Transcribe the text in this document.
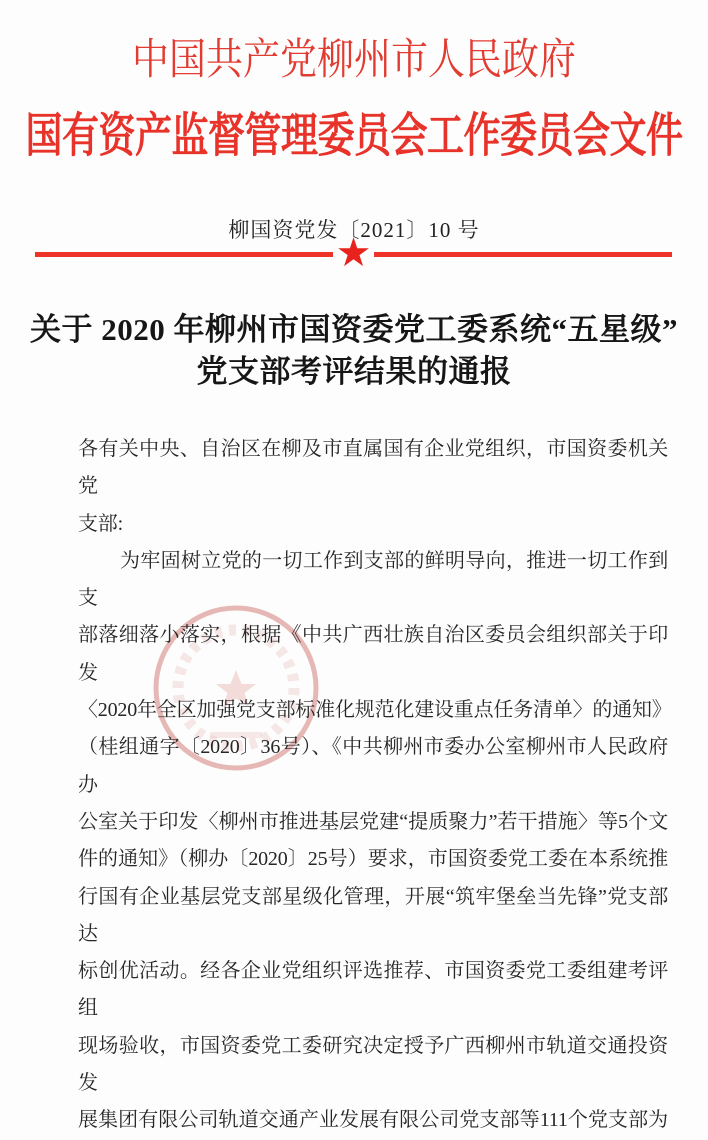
中国共产党柳州市人民政府
国有资产监督管理委员会工作委员会文件
柳国资党发〔2021〕10 号
★
关于 2020 年柳州市国资委党工委系统“五星级”
党支部考评结果的通报
各有关中央、自治区在柳及市直属国有企业党组织，市国资委机关党
支部:
为牢固树立党的一切工作到支部的鲜明导向，推进一切工作到支
部落细落小落实，根据《中共广西壮族自治区委员会组织部关于印发
〈2020年全区加强党支部标准化规范化建设重点任务清单〉的通知》
（桂组通字〔2020〕36号）、《中共柳州市委办公室柳州市人民政府办
公室关于印发〈柳州市推进基层党建“提质聚力”若干措施〉等5个文
件的通知》（柳办〔2020〕25号）要求，市国资委党工委在本系统推
行国有企业基层党支部星级化管理，开展“筑牢堡垒当先锋”党支部达
标创优活动。经各企业党组织评选推荐、市国资委党工委组建考评组
现场验收，市国资委党工委研究决定授予广西柳州市轨道交通投资发
展集团有限公司轨道交通产业发展有限公司党支部等111个党支部为
